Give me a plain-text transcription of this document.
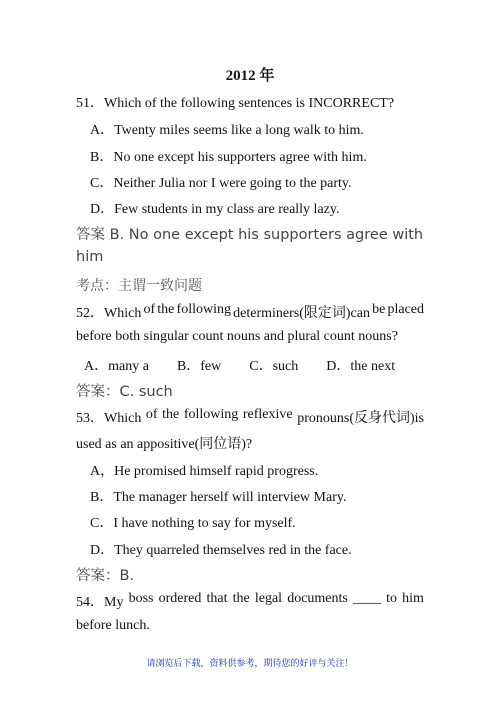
2012 年
51．Which of the following sentences is INCORRECT?
A．Twenty miles seems like a long walk to him.
B．No one except his supporters agree with him.
C．Neither Julia nor I were going to the party.
D．Few students in my class are really lazy.
答案 B. No one except his supporters agree with
him
考点：主谓一致问题
52．Which of the following determiners(限定词)can be placed
before both singular count nouns and plural count nouns?
A．many a B．few C．such D．the next
答案：C. such
53．Which of the following reflexive pronouns(反身代词)is
used as an appositive(同位语)?
A，He promised himself rapid progress.
B．The manager herself will interview Mary.
C．I have nothing to say for myself.
D．They quarreled themselves red in the face.
答案：B.
54．My boss ordered that the legal documents ____ to him
before lunch.
请浏览后下载，资料供参考，期待您的好评与关注！
